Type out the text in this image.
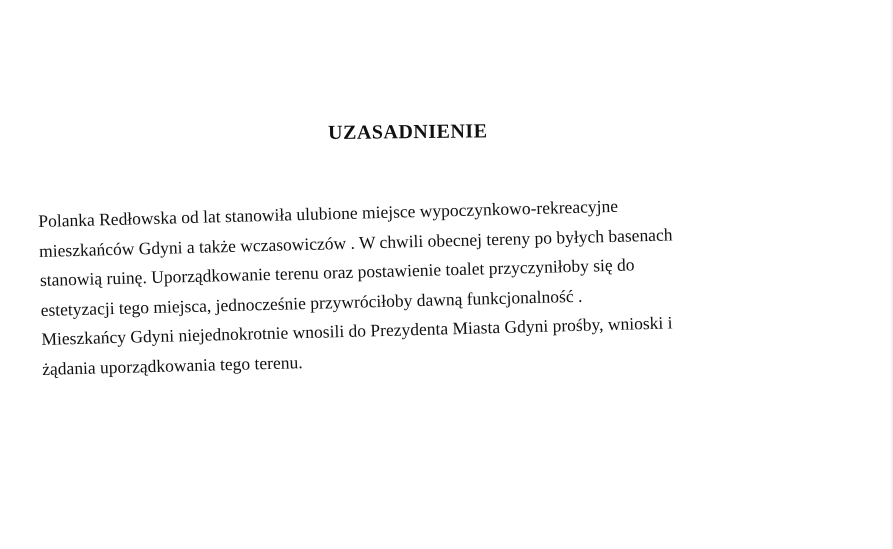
UZASADNIENIE
Polanka Redłowska od lat stanowiła ulubione miejsce wypoczynkowo-rekreacyjne
mieszkańców Gdyni a także wczasowiczów . W chwili obecnej tereny po byłych basenach
stanowią ruinę. Uporządkowanie terenu oraz postawienie toalet przyczyniłoby się do
estetyzacji tego miejsca, jednocześnie przywróciłoby dawną funkcjonalność .
Mieszkańcy Gdyni niejednokrotnie wnosili do Prezydenta Miasta Gdyni prośby, wnioski i
żądania uporządkowania tego terenu.
